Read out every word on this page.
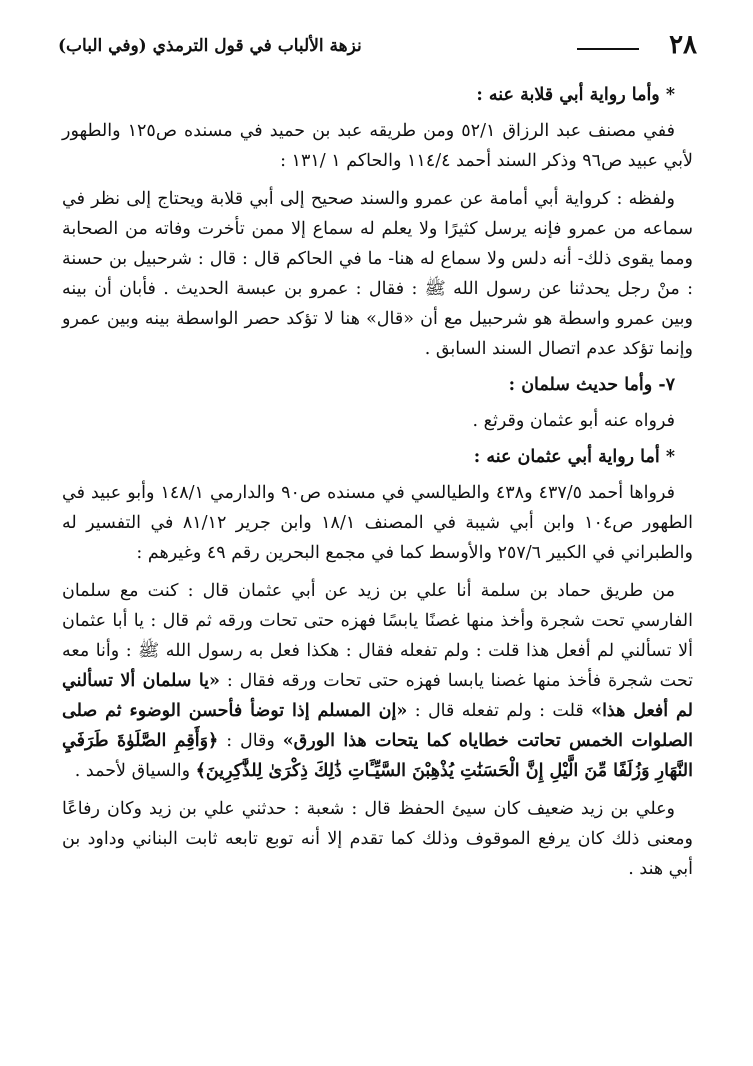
٢٨
نزهة الألباب في قول الترمذي (وفي الباب)

* وأما رواية أبي قلابة عنه :

ففي مصنف عبد الرزاق ٥٢/١ ومن طريقه عبد بن حميد في مسنده ص١٢٥ والطهور لأبي عبيد ص٩٦ وذكر السند أحمد ١١٤/٤ والحاكم ١ /١٣١ :

ولفظه : كرواية أبي أمامة عن عمرو والسند صحيح إلى أبي قلابة ويحتاج إلى نظر في سماعه من عمرو فإنه يرسل كثيرًا ولا يعلم له سماع إلا ممن تأخرت وفاته من الصحابة ومما يقوى ذلك- أنه دلس ولا سماع له هنا- ما في الحاكم قال : قال : شرحبيل بن حسنة : منْ رجل يحدثنا عن رسول الله ﷺ : فقال : عمرو بن عبسة الحديث . فأبان أن بينه وبين عمرو واسطة هو شرحبيل مع أن «قال» هنا لا تؤكد حصر الواسطة بينه وبين عمرو وإنما تؤكد عدم اتصال السند السابق .

٧- وأما حديث سلمان :

فرواه عنه أبو عثمان وقرثع .

* أما رواية أبي عثمان عنه :

فرواها أحمد ٤٣٧/٥ و٤٣٨ والطيالسي في مسنده ص٩٠ والدارمي ١٤٨/١ وأبو عبيد في الطهور ص١٠٤ وابن أبي شيبة في المصنف ١٨/١ وابن جرير ٨١/١٢ في التفسير له والطبراني في الكبير ٢٥٧/٦ والأوسط كما في مجمع البحرين رقم ٤٩ وغيرهم :

من طريق حماد بن سلمة أنا علي بن زيد عن أبي عثمان قال : كنت مع سلمان الفارسي تحت شجرة وأخذ منها غصنًا يابسًا فهزه حتى تحات ورقه ثم قال : يا أبا عثمان ألا تسألني لم أفعل هذا قلت : ولم تفعله فقال : هكذا فعل به رسول الله ﷺ : وأنا معه تحت شجرة فأخذ منها غصنا يابسا فهزه حتى تحات ورقه فقال : «يا سلمان ألا تسألني لم أفعل هذا» قلت : ولم تفعله قال : «إن المسلم إذا توضأ فأحسن الوضوء ثم صلى الصلوات الخمس تحاتت خطاياه كما يتحات هذا الورق» وقال : ﴿وَأَقِمِ الصَّلَوٰةَ طَرَفَيِ النَّهَارِ وَزُلَفًا مِّنَ الَّيْلِ إِنَّ الْحَسَنَٰتِ يُذْهِبْنَ السَّيِّـَٔاتِ ذَٰلِكَ ذِكْرَىٰ لِلذَّٰكِرِينَ﴾ والسياق لأحمد .

وعلي بن زيد ضعيف كان سيئ الحفظ قال : شعبة : حدثني علي بن زيد وكان رفاعًا ومعنى ذلك كان يرفع الموقوف وذلك كما تقدم إلا أنه توبع تابعه ثابت البناني وداود بن أبي هند .
